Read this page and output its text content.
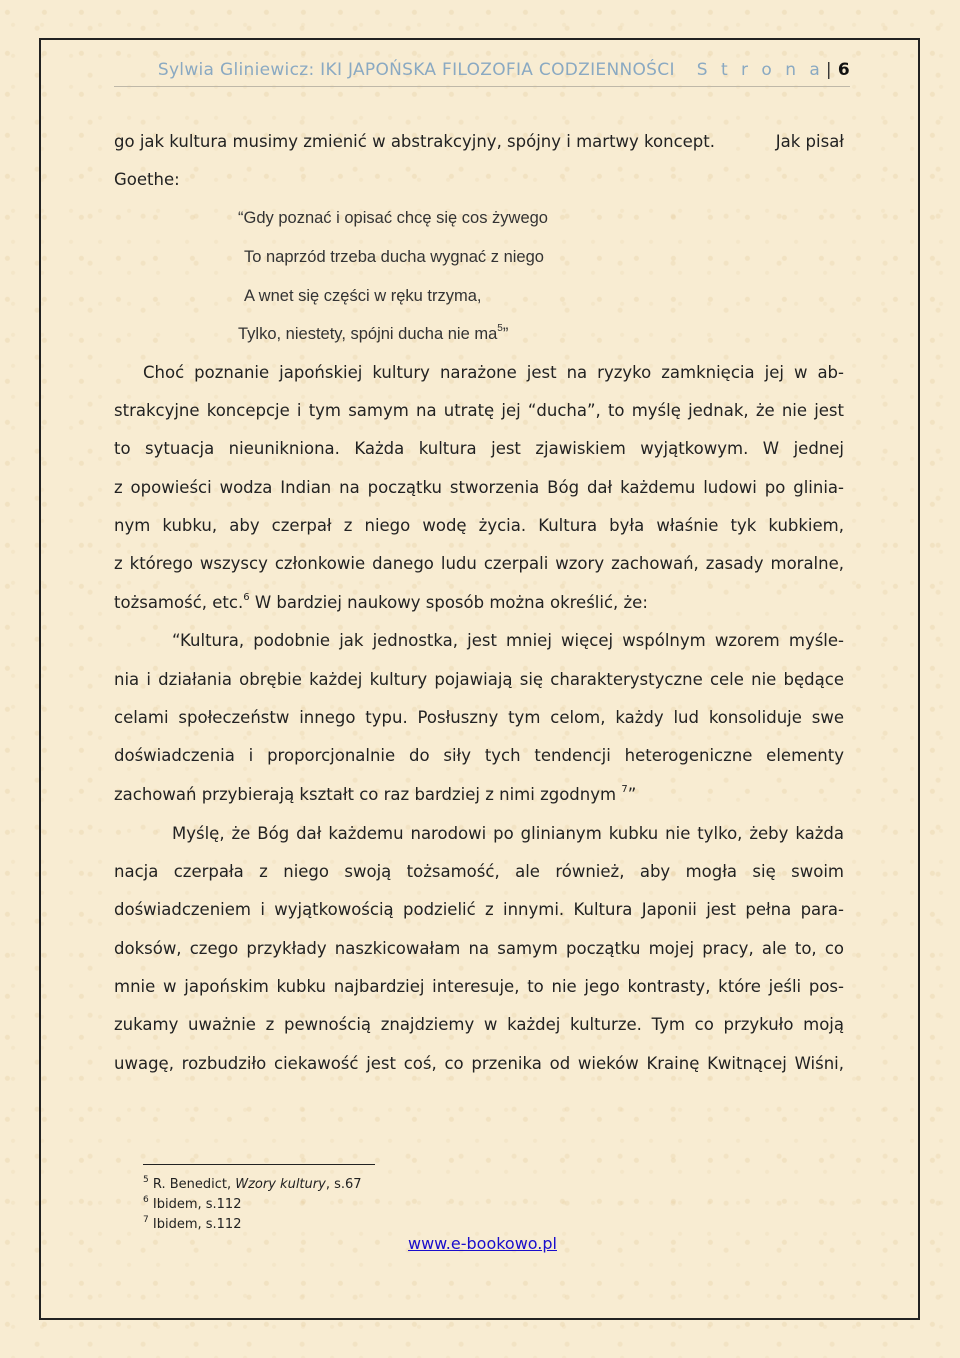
Sylwia Gliniewicz: IKI JAPOŃSKA FILOZOFIA CODZIENNOŚCI S t r o n a | 6
go jak kultura musimy zmienić w abstrakcyjny, spójny i martwy koncept.	Jak pisał
Goethe:
“Gdy poznać i opisać chcę się cos żywego
To naprzód trzeba ducha wygnać z niego
A wnet się części w ręku trzyma,
Tylko, niestety, spójni ducha nie $ma^5$”
Choć poznanie japońskiej kultury narażone jest na ryzyko zamknięcia jej w ab-
strakcyjne koncepcje i tym samym na utratę jej “ducha”, to myślę jednak, że nie jest
to sytuacja nieunikniona. Każda kultura jest zjawiskiem wyjątkowym. W jednej
z opowieści wodza Indian na początku stworzenia Bóg dał każdemu ludowi po glinia-
nym kubku, aby czerpał z niego wodę życia. Kultura była właśnie tyk kubkiem,
z którego wszyscy członkowie danego ludu czerpali wzory zachowań, zasady moralne,
tożsamość, etc.$^6$ W bardziej naukowy sposób można określić, że:
“Kultura, podobnie jak jednostka, jest mniej więcej wspólnym wzorem myśle-
nia i działania obrębie każdej kultury pojawiają się charakterystyczne cele nie będące
celami społeczeństw innego typu. Posłuszny tym celom, każdy lud konsoliduje swe
doświadczenia i proporcjonalnie do siły tych tendencji heterogeniczne elementy
zachowań przybierają kształt co raz bardziej z nimi zgodnym $^7$”
Myślę, że Bóg dał każdemu narodowi po glinianym kubku nie tylko, żeby każda
nacja czerpała z niego swoją tożsamość, ale również, aby mogła się swoim
doświadczeniem i wyjątkowością podzielić z innymi. Kultura Japonii jest pełna para-
doksów, czego przykłady naszkicowałam na samym początku mojej pracy, ale to, co
mnie w japońskim kubku najbardziej interesuje, to nie jego kontrasty, które jeśli pos-
zukamy uważnie z pewnością znajdziemy w każdej kulturze. Tym co przykuło moją
uwagę, rozbudziło ciekawość jest coś, co przenika od wieków Krainę Kwitnącej Wiśni,
$^5$ R. Benedict, Wzory kultury, s.67
$^6$ Ibidem, s.112
$^7$ Ibidem, s.112
www.e-bookowo.pl
